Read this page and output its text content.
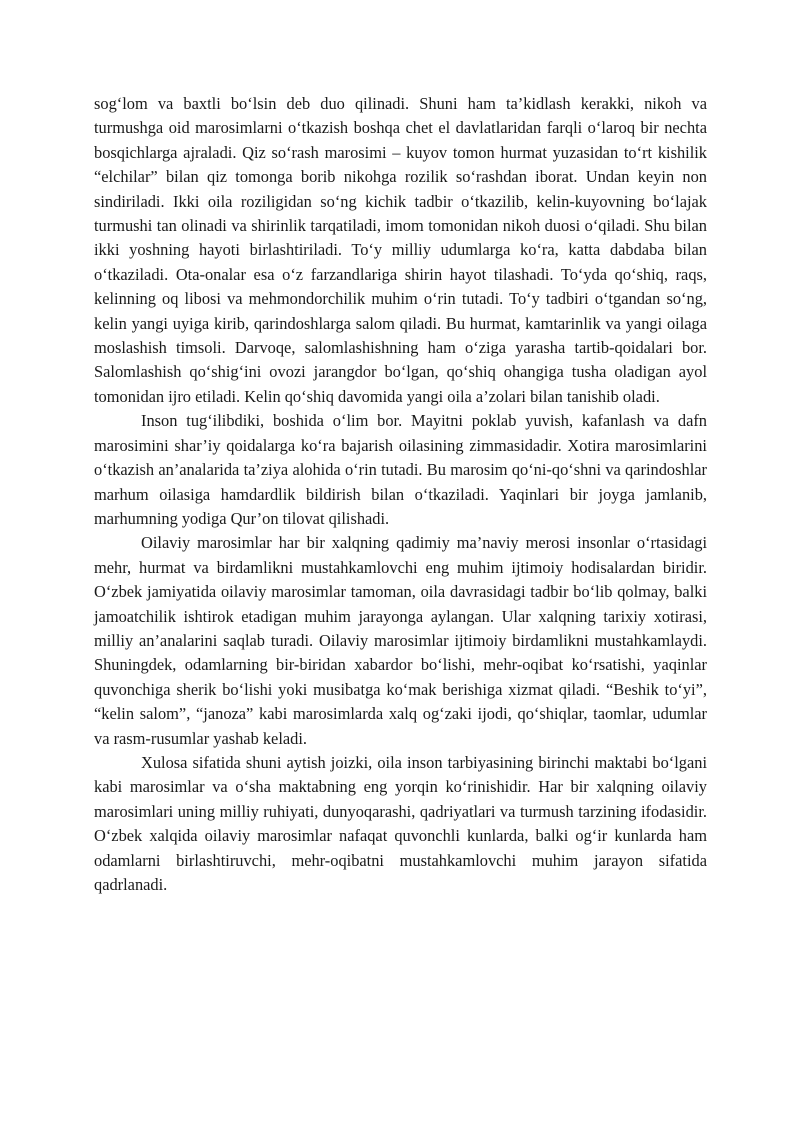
sog‘lom va baxtli bo‘lsin deb duo qilinadi. Shuni ham ta’kidlash kerakki, nikoh va turmushga oid marosimlarni o‘tkazish boshqa chet el davlatlaridan farqli o‘laroq bir nechta bosqichlarga ajraladi. Qiz so‘rash marosimi – kuyov tomon hurmat yuzasidan to‘rt kishilik “elchilar” bilan qiz tomonga borib nikohga rozilik so‘rashdan iborat. Undan keyin non sindiriladi. Ikki oila roziligidan so‘ng kichik tadbir o‘tkazilib, kelin-kuyovning bo‘lajak turmushi tan olinadi va shirinlik tarqatiladi, imom tomonidan nikoh duosi o‘qiladi. Shu bilan ikki yoshning hayoti birlashtiriladi. To‘y milliy udumlarga ko‘ra, katta dabdaba bilan o‘tkaziladi. Ota-onalar esa o‘z farzandlariga shirin hayot tilashadi. To‘yda qo‘shiq, raqs, kelinning oq libosi va mehmondorchilik muhim o‘rin tutadi. To‘y tadbiri o‘tgandan so‘ng, kelin yangi uyiga kirib, qarindoshlarga salom qiladi. Bu hurmat, kamtarinlik va yangi oilaga moslashish timsoli. Darvoqe, salomlashishning ham o‘ziga yarasha tartib-qoidalari bor. Salomlashish qo‘shig‘ini ovozi jarangdor bo‘lgan, qo‘shiq ohangiga tusha oladigan ayol tomonidan ijro etiladi. Kelin qo‘shiq davomida yangi oila a’zolari bilan tanishib oladi.

Inson tug‘ilibdiki, boshida o‘lim bor. Mayitni poklab yuvish, kafanlash va dafn marosimini shar’iy qoidalarga ko‘ra bajarish oilasining zimmasidadir. Xotira marosimlarini o‘tkazish an’analarida ta’ziya alohida o‘rin tutadi. Bu marosim qo‘ni-qo‘shni va qarindoshlar marhum oilasiga hamdardlik bildirish bilan o‘tkaziladi. Yaqinlari bir joyga jamlanib, marhumning yodiga Qur’on tilovat qilishadi.

Oilaviy marosimlar har bir xalqning qadimiy ma’naviy merosi insonlar o‘rtasidagi mehr, hurmat va birdamlikni mustahkamlovchi eng muhim ijtimoiy hodisalardan biridir. O‘zbek jamiyatida oilaviy marosimlar tamoman, oila davrasidagi tadbir bo‘lib qolmay, balki jamoatchilik ishtirok etadigan muhim jarayonga aylangan. Ular xalqning tarixiy xotirasi, milliy an’analarini saqlab turadi. Oilaviy marosimlar ijtimoiy birdamlikni mustahkamlaydi. Shuningdek, odamlarning bir-biridan xabardor bo‘lishi, mehr-oqibat ko‘rsatishi, yaqinlar quvonchiga sherik bo‘lishi yoki musibatga ko‘mak berishiga xizmat qiladi. “Beshik to‘yi”, “kelin salom”, “janoza” kabi marosimlarda xalq og‘zaki ijodi, qo‘shiqlar, taomlar, udumlar va rasm-rusumlar yashab keladi.

Xulosa sifatida shuni aytish joizki, oila inson tarbiyasining birinchi maktabi bo‘lgani kabi marosimlar va o‘sha maktabning eng yorqin ko‘rinishidir. Har bir xalqning oilaviy marosimlari uning milliy ruhiyati, dunyoqarashi, qadriyatlari va turmush tarzining ifodasidir. O‘zbek xalqida oilaviy marosimlar nafaqat quvonchli kunlarda, balki og‘ir kunlarda ham odamlarni birlashtiruvchi, mehr-oqibatni mustahkamlovchi muhim jarayon sifatida qadrlanadi.
